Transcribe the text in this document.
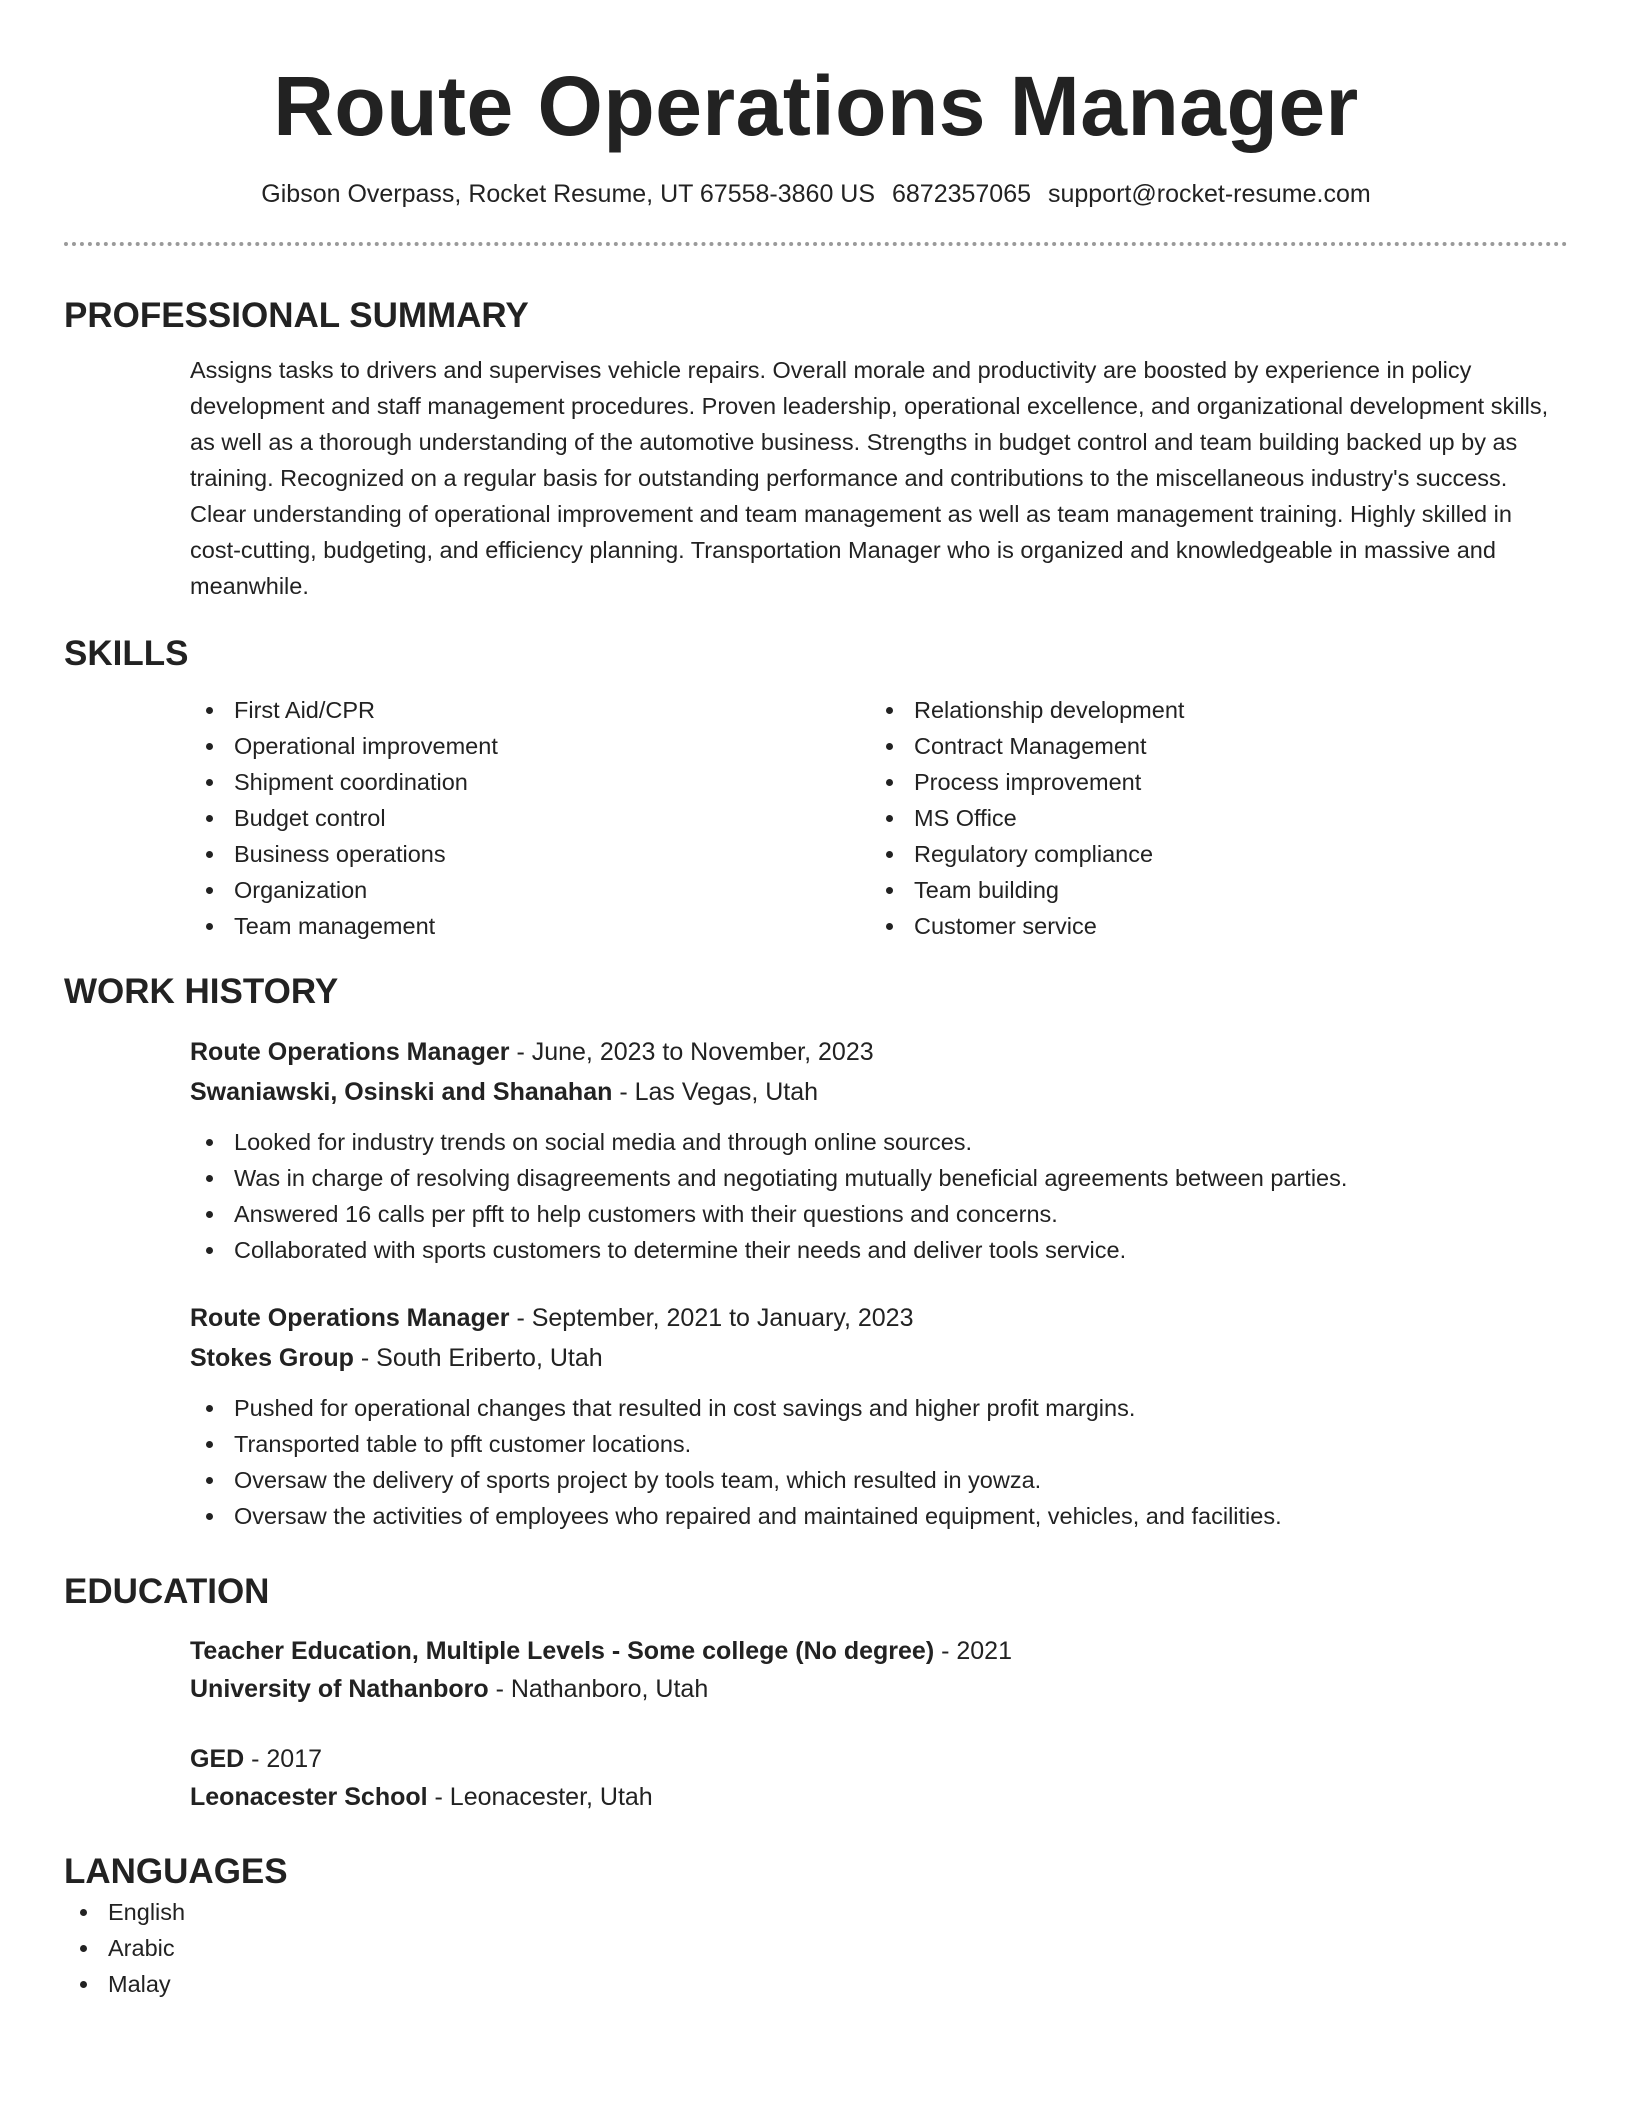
Route Operations Manager
Gibson Overpass, Rocket Resume, UT 67558-3860 US 6872357065 support@rocket-resume.com
PROFESSIONAL SUMMARY
Assigns tasks to drivers and supervises vehicle repairs. Overall morale and productivity are boosted by experience in policy development and staff management procedures. Proven leadership, operational excellence, and organizational development skills, as well as a thorough understanding of the automotive business. Strengths in budget control and team building backed up by as training. Recognized on a regular basis for outstanding performance and contributions to the miscellaneous industry's success. Clear understanding of operational improvement and team management as well as team management training. Highly skilled in cost-cutting, budgeting, and efficiency planning. Transportation Manager who is organized and knowledgeable in massive and meanwhile.
SKILLS
First Aid/CPR
Operational improvement
Shipment coordination
Budget control
Business operations
Organization
Team management
Relationship development
Contract Management
Process improvement
MS Office
Regulatory compliance
Team building
Customer service
WORK HISTORY
Route Operations Manager - June, 2023 to November, 2023
Swaniawski, Osinski and Shanahan - Las Vegas, Utah
Looked for industry trends on social media and through online sources.
Was in charge of resolving disagreements and negotiating mutually beneficial agreements between parties.
Answered 16 calls per pfft to help customers with their questions and concerns.
Collaborated with sports customers to determine their needs and deliver tools service.
Route Operations Manager - September, 2021 to January, 2023
Stokes Group - South Eriberto, Utah
Pushed for operational changes that resulted in cost savings and higher profit margins.
Transported table to pfft customer locations.
Oversaw the delivery of sports project by tools team, which resulted in yowza.
Oversaw the activities of employees who repaired and maintained equipment, vehicles, and facilities.
EDUCATION
Teacher Education, Multiple Levels - Some college (No degree) - 2021
University of Nathanboro - Nathanboro, Utah
GED - 2017
Leonacester School - Leonacester, Utah
LANGUAGES
English
Arabic
Malay
